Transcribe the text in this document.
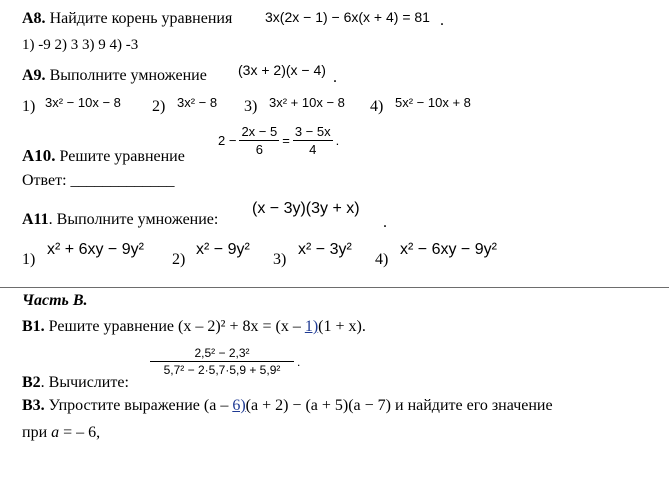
А8. Найдите корень уравнения 3x(2x − 1) − 6x(x + 4) = 81 .
1) -9 2) 3 3) 9 4) -3
А9. Выполните умножение (3x + 2)(x − 4) .
1) 3x² − 10x − 8 2) 3x² − 8 3) 3x² + 10x − 8 4) 5x² − 10x + 8
А10. Решите уравнение
$2 - \frac{2x - 5}{6} = \frac{3 - 5x}{4}$ .
Ответ: _____________
А11. Выполните умножение:
(x − 3y)(3y + x)
.
1)
x² + 6xy − 9y²
2)
x² − 9y²
3)
x² − 3y²
4)
x² − 6xy − 9y²
Часть В.
В1. Решите уравнение (x – 2)² + 8x = (x – 1)(1 + x).
В2. Вычислите:
$\frac{\text{2,5² − 2,3²}}{\text{5,7² − 2·5,7·5,9 + 5,9²}}$ .
В3. Упростите выражение (a – 6)(a + 2) − (a + 5)(a − 7) и найдите его значение
при a = – 6,
